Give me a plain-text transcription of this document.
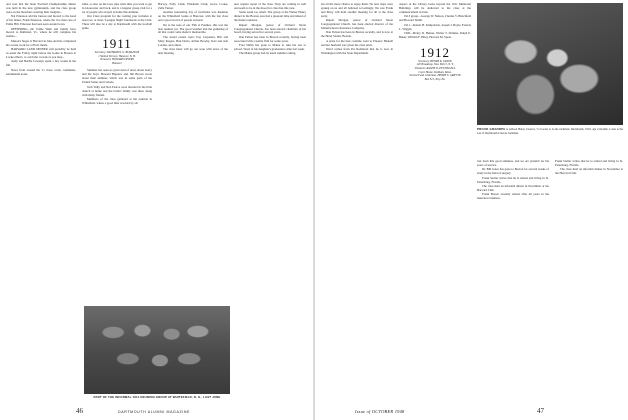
ond over that the State Football Championship dinner was held in the new gymnasium, and the class group were on the bleachers wearing their insignia...

Nat Emerson add his bureau and moved to the head of his father, Frank Emerson, where the two men care of Eddie Hill. Emerson has been seen around town.

OFFSPRING—Dr. Eddie Welk and family have moved to Ruthland, Vt., where he will complete his studies...

Mason's Sugar at Harvard in June and has completed his course work for a Ph.D. thesis.

HARVARD LAND DINNER will probably be held as usual the Friday night before the Game in Boston at Locke-Ober's, to catch the crowds as you may...

Andy and Bertha Lewelyn spent a few weeks in the fall.

News from around the '11 class: cards, comments, sentimental notes.

folks, so also on the boat, plus what time you want to get in Gloucester and back, and is a happier group visit for a lot of people who stayed at home this summer.

Our Class program for the coming year includes at least two or three 'Lasagne Night' luncheons at the Club. There will also be a day at Dartmouth with the football game.

1911
Secretary, NATHANIEL G. BURLEIGH
1 Walnut Terrace, Hanover, N. H.
Treasurer, HOWARD DIVERS
Hanover

Summer has seen no great deal of news about Gerry and the boys. Howard Bigelow and Jim Brown wrote about their summer, which was in some parts of the United States and Canada.

Tom Tully and Ned Pearce were married in the little church at home and the bride's family was there along with many friends.

Members of the class gathered at the reunion in Whitefield, where a good time was had by all.

Harvey, Polly Clark, Elizabeth Clark, Grace Cooke, Zella Turner.

Another interesting day of festivities was Reunion on the Whitefield Game at Hanover, with the last class and a good crowd of people on hand.

On to the tone of our 35th at Foulkes, this was the best reunion yet. The good weather and the gathering of all that could come made it memorable.

The stated events were: Pop Carpenter, Bill and Mary Rogers, Bun Davis, Arthur Boodry, Karl and Ada Lorden, and others.

The class letter will go out soon with news of the next meeting.

new regular report of the class. They are coming in well and seem to be in the mood for class fun this year.

Some seem too small. The group at the Walter Henry dinner in the Boston area had a pleasant time and talked of the future reunions.

Rupert Morgan, pastor of Orchard Street Congregational Church, has been elected chairman of his board, having served for several years.

Dan Pelton has been in Boston recently, having been associated with a textile firm for some years.

Fred Smith has gone to Maine to take his son to school. Word of his daughter's graduation came last week.

The Maine group had its usual summer outing.

PART OF THE INFORMAL 1911 REUNION GROUP AT WHITEFIELD, N. H., LAST JUNE
46	DARTMOUTH ALUMNI MAGAZINE

hat all the more chance to enjoy them. No new steps were sprung on us and all behaved accordingly. We saw Frank and Mary will hold another meeting for all at the class party.

Rupert Morgan, pastor of Orchard Street Congregational Church, has been elected director of the Manufacturers Insurance Company.

Dan Pelton has been in Boston recently, and is now at the Hotel Statler, Boston.

A prize for the best costume went to Eleanor Haskell and her husband was given the class prize.

Word comes from Pat Redmond that he is now in Washington with the State Department.

Aspect of the Library looks beyond the 1911 Memorial Buildings will be dedicated to the class at the commencement in June.

1913 group—George W. Nelson, Charles V. Bleichfeld and Howard Smith.

1911—Robert H. Kirkpatrick, Joseph J. Boyle, Francis L. Wiggin.

1900—Henry D. Haines, Walter T. Zimmer, Ralph E. Baker, William F. Hiley, Howard M. Spear.

1912
Secretary, HENRY K. URION
120 Broadway, New York 5, N. Y.
Treasurer, RALPH D. PETTINGELL
Court House, Dedham, Mass.
Second Fund Chairman, HENRY S. GRIFFIN
Box 321, Troy, Pa.

lost from this good alumnus, and we are grateful for his years of service.

Dr. Bill Jones has gone to Boston for several weeks of study in the field of surgery.

Frank Stoller writes that he is retired and living in St. Petersburg, Florida.

The class held an informal dinner in November at the Harvard Club.

Frank Brown recently retired after 40 years in the insurance business.

Frank Stoller writes that he is retired and living in St. Petersburg, Florida.

The class held an informal dinner in November at the Harvard Club.

PROUD GRANDPA is Gibson Haley Cleaves, '11 boosts to Louis Jackman, Dartmouth, 1916, age 4 months, Louis is the son of Dartmouth Cleaves Jackman.
Issue of OCTOBER 1948	47
